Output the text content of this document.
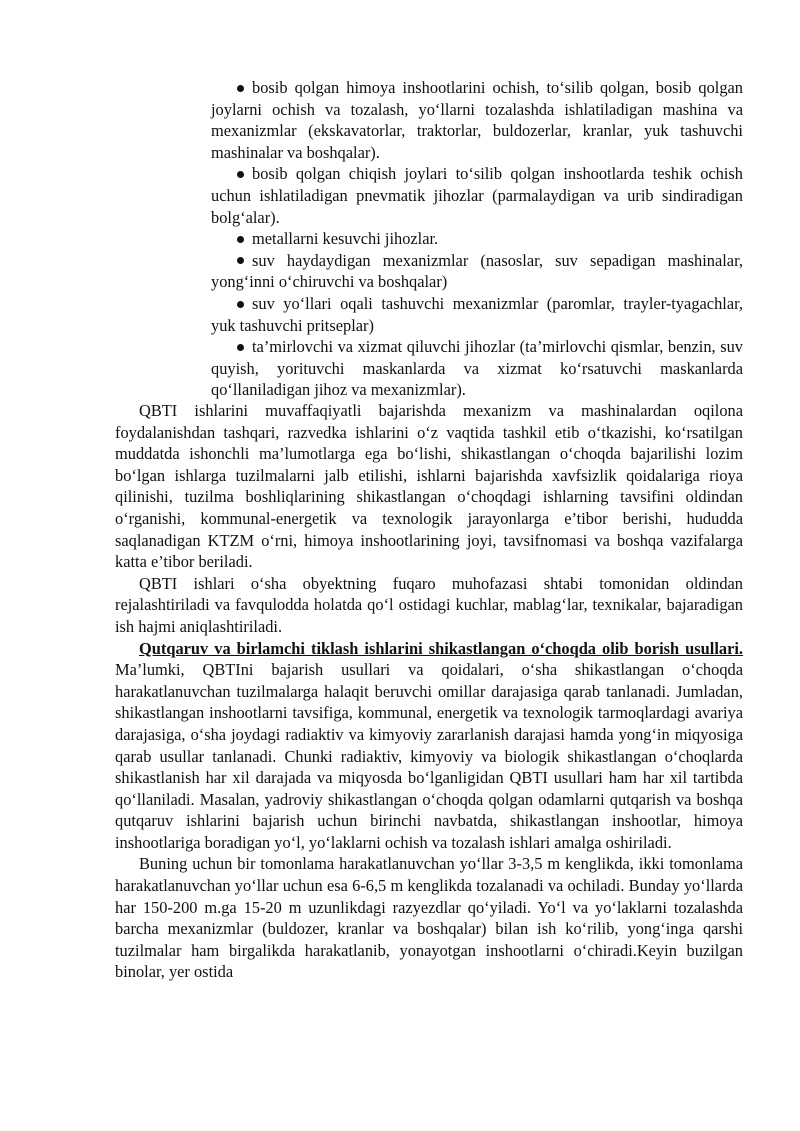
bosib qolgan himoya inshootlarini ochish, to‘silib qolgan, bosib qolgan joylarni ochish va tozalash, yo‘llarni tozalashda ishlatiladigan mashina va mexanizmlar (ekskavatorlar, traktorlar, buldozerlar, kranlar, yuk tashuvchi mashinalar va boshqalar).

bosib qolgan chiqish joylari to‘silib qolgan inshootlarda teshik ochish uchun ishlatiladigan pnevmatik jihozlar (parmalaydigan va urib sindiradigan bolg‘alar).

metallarni kesuvchi jihozlar.

suv haydaydigan mexanizmlar (nasoslar, suv sepadigan mashinalar, yong‘inni o‘chiruvchi va boshqalar)

suv yo‘llari oqali tashuvchi mexanizmlar (paromlar, trayler-tyagachlar, yuk tashuvchi pritseplar)

ta’mirlovchi va xizmat qiluvchi jihozlar (ta’mirlovchi qismlar, benzin, suv quyish, yorituvchi maskanlarda va xizmat ko‘rsatuvchi maskanlarda qo‘llaniladigan jihoz va mexanizmlar).

QBTI ishlarini muvaffaqiyatli bajarishda mexanizm va mashinalardan oqilona foydalanishdan tashqari, razvedka ishlarini o‘z vaqtida tashkil etib o‘tkazishi, ko‘rsatilgan muddatda ishonchli ma’lumotlarga ega bo‘lishi, shikastlangan o‘choqda bajarilishi lozim bo‘lgan ishlarga tuzilmalarni jalb etilishi, ishlarni bajarishda xavfsizlik qoidalariga rioya qilinishi, tuzilma boshliqlarining shikastlangan o‘choqdagi ishlarning tavsifini oldindan o‘rganishi, kommunal-energetik va texnologik jarayonlarga e’tibor berishi, hududda saqlanadigan KTZM o‘rni, himoya inshootlarining joyi, tavsifnomasi va boshqa vazifalarga katta e’tibor beriladi.

QBTI ishlari o‘sha obyektning fuqaro muhofazasi shtabi tomonidan oldindan rejalashtiriladi va favqulodda holatda qo‘l ostidagi kuchlar, mablag‘lar, texnikalar, bajaradigan ish hajmi aniqlashtiriladi.

Qutqaruv va birlamchi tiklash ishlarini shikastlangan o‘choqda olib borish usullari. Ma’lumki, QBTIni bajarish usullari va qoidalari, o‘sha shikastlangan o‘choqda harakatlanuvchan tuzilmalarga halaqit beruvchi omillar darajasiga qarab tanlanadi. Jumladan, shikastlangan inshootlarni tavsifiga, kommunal, energetik va texnologik tarmoqlardagi avariya darajasiga, o‘sha joydagi radiaktiv va kimyoviy zararlanish darajasi hamda yong‘in miqyosiga qarab usullar tanlanadi. Chunki radiaktiv, kimyoviy va biologik shikastlangan o‘choqlarda shikastlanish har xil darajada va miqyosda bo‘lganligidan QBTI usullari ham har xil tartibda qo‘llaniladi. Masalan, yadroviy shikastlangan o‘choqda qolgan odamlarni qutqarish va boshqa qutqaruv ishlarini bajarish uchun birinchi navbatda, shikastlangan inshootlar, himoya inshootlariga boradigan yo‘l, yo‘laklarni ochish va tozalash ishlari amalga oshiriladi.

Buning uchun bir tomonlama harakatlanuvchan yo‘llar 3-3,5 m kenglikda, ikki tomonlama harakatlanuvchan yo‘llar uchun esa 6-6,5 m kenglikda tozalanadi va ochiladi. Bunday yo‘llarda har 150-200 m.ga 15-20 m uzunlikdagi razyezdlar qo‘yiladi. Yo‘l va yo‘laklarni tozalashda barcha mexanizmlar (buldozer, kranlar va boshqalar) bilan ish ko‘rilib, yong‘inga qarshi tuzilmalar ham birgalikda harakatlanib, yonayotgan inshootlarni o‘chiradi.Keyin buzilgan binolar, yer ostida
